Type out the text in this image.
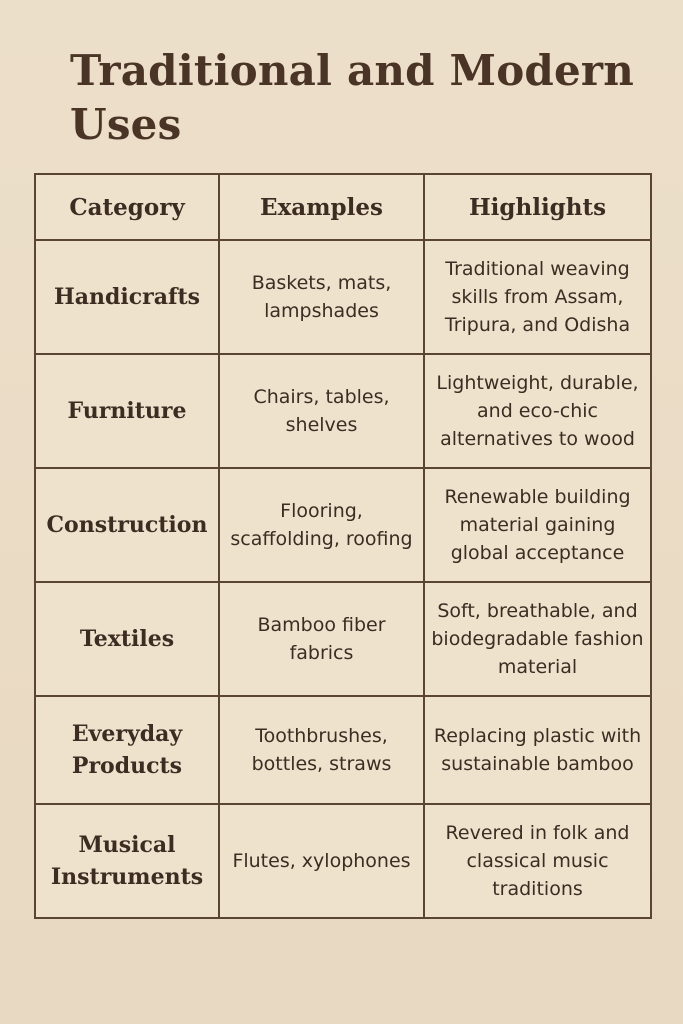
Traditional and Modern Uses
Category	Examples	Highlights
Handicrafts	Baskets, mats, lampshades	Traditional weaving skills from Assam, Tripura, and Odisha
Furniture	Chairs, tables, shelves	Lightweight, durable, and eco-chic alternatives to wood
Construction	Flooring, scaffolding, roofing	Renewable building material gaining global acceptance
Textiles	Bamboo fiber fabrics	Soft, breathable, and biodegradable fashion material
Everyday Products	Toothbrushes, bottles, straws	Replacing plastic with sustainable bamboo
Musical Instruments	Flutes, xylophones	Revered in folk and classical music traditions
